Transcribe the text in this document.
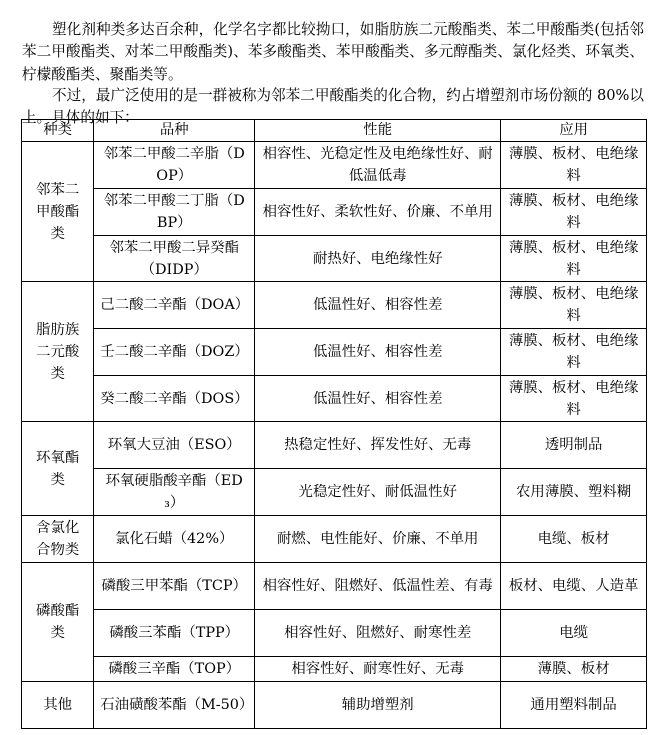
塑化剂种类多达百余种，化学名字都比较拗口，如脂肪族二元酸酯类、苯二甲酸酯类(包括邻苯二甲酸酯类、对苯二甲酸酯类)、苯多酸酯类、苯甲酸酯类、多元醇酯类、氯化烃类、环氧类、柠檬酸酯类、聚酯类等。

不过，最广泛使用的是一群被称为邻苯二甲酸酯类的化合物，约占增塑剂市场份额的 80%以上。具体的如下：

种类	品种	性能	应用
邻苯二甲酸酯类	邻苯二甲酸二辛脂（DOP）	相容性、光稳定性及电绝缘性好、耐低温低毒	薄膜、板材、电绝缘料
	邻苯二甲酸二丁脂（DBP）	相容性好、柔软性好、价廉、不单用	薄膜、板材、电绝缘料
	邻苯二甲酸二异癸酯（DIDP）	耐热好、电绝缘性好	薄膜、板材、电绝缘料
脂肪族二元酸类	己二酸二辛酯（DOA）	低温性好、相容性差	薄膜、板材、电绝缘料
	壬二酸二辛酯（DOZ）	低温性好、相容性差	薄膜、板材、电绝缘料
	癸二酸二辛酯（DOS）	低温性好、相容性差	薄膜、板材、电绝缘料
环氧酯类	环氧大豆油（ESO）	热稳定性好、挥发性好、无毒	透明制品
	环氧硬脂酸辛酯（ED₃）	光稳定性好、耐低温性好	农用薄膜、塑料糊
含氯化合物类	氯化石蜡（42%）	耐燃、电性能好、价廉、不单用	电缆、板材
磷酸酯类	磷酸三甲苯酯（TCP）	相容性好、阻燃好、低温性差、有毒	板材、电缆、人造革
	磷酸三苯酯（TPP）	相容性好、阻燃好、耐寒性差	电缆
	磷酸三辛酯（TOP）	相容性好、耐寒性好、无毒	薄膜、板材
其他	石油磺酸苯酯（M-50）	辅助增塑剂	通用塑料制品
